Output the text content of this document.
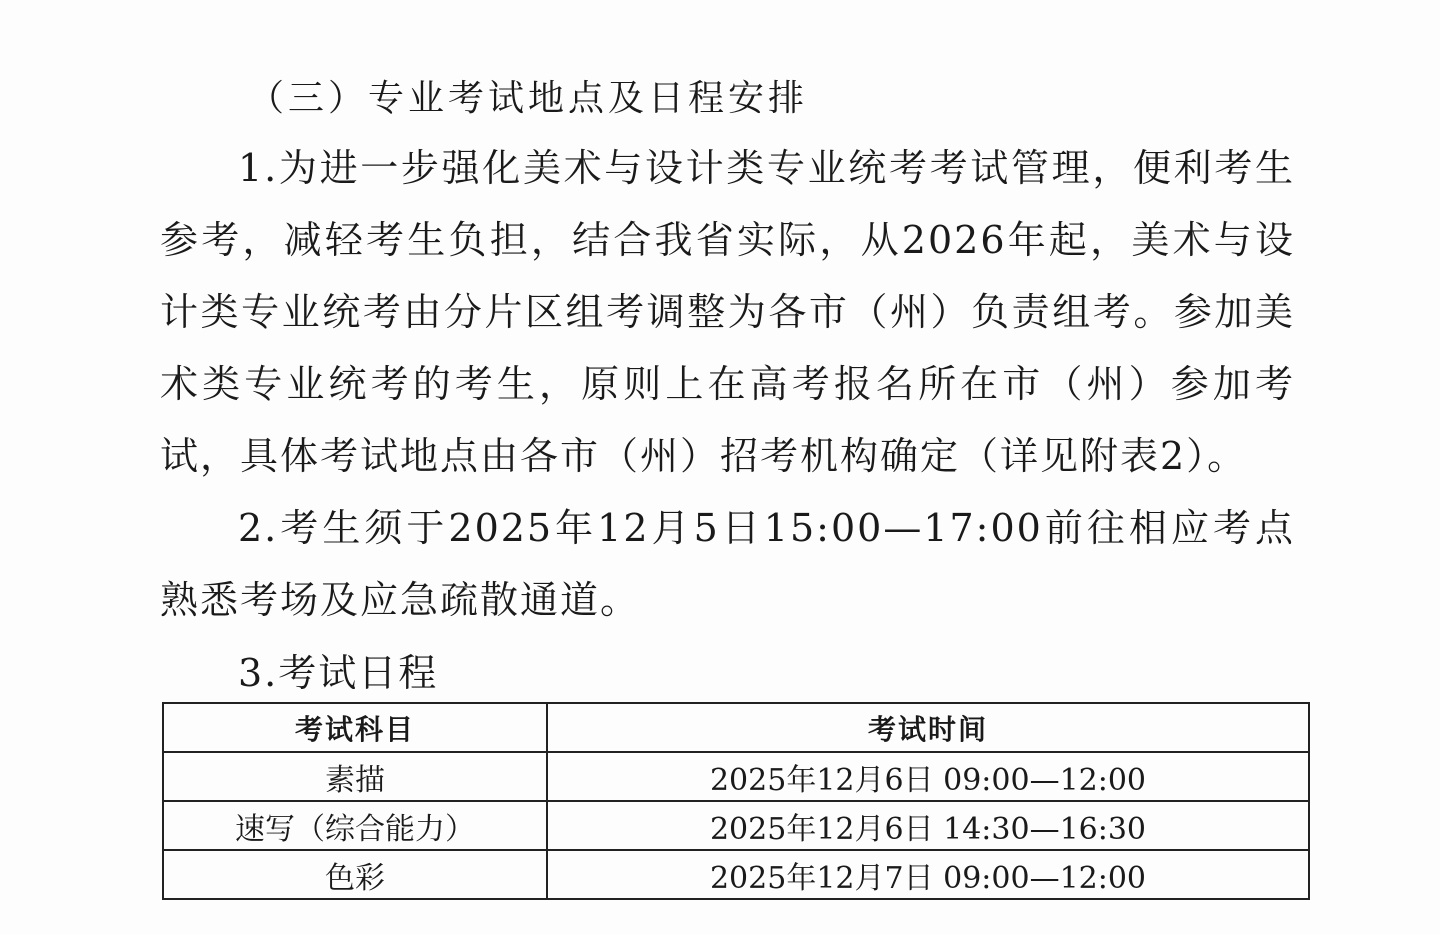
（三）专业考试地点及日程安排

1.为进一步强化美术与设计类专业统考考试管理，便利考生参考，减轻考生负担，结合我省实际，从2026年起，美术与设计类专业统考由分片区组考调整为各市（州）负责组考。参加美术类专业统考的考生，原则上在高考报名所在市（州）参加考试，具体考试地点由各市（州）招考机构确定（详见附表2）。

2.考生须于2025年12月5日15:00—17:00前往相应考点熟悉考场及应急疏散通道。

3.考试日程
考试科目	考试时间
素描	2025年12月6日 09:00—12:00
速写（综合能力）	2025年12月6日 14:30—16:30
色彩	2025年12月7日 09:00—12:00
